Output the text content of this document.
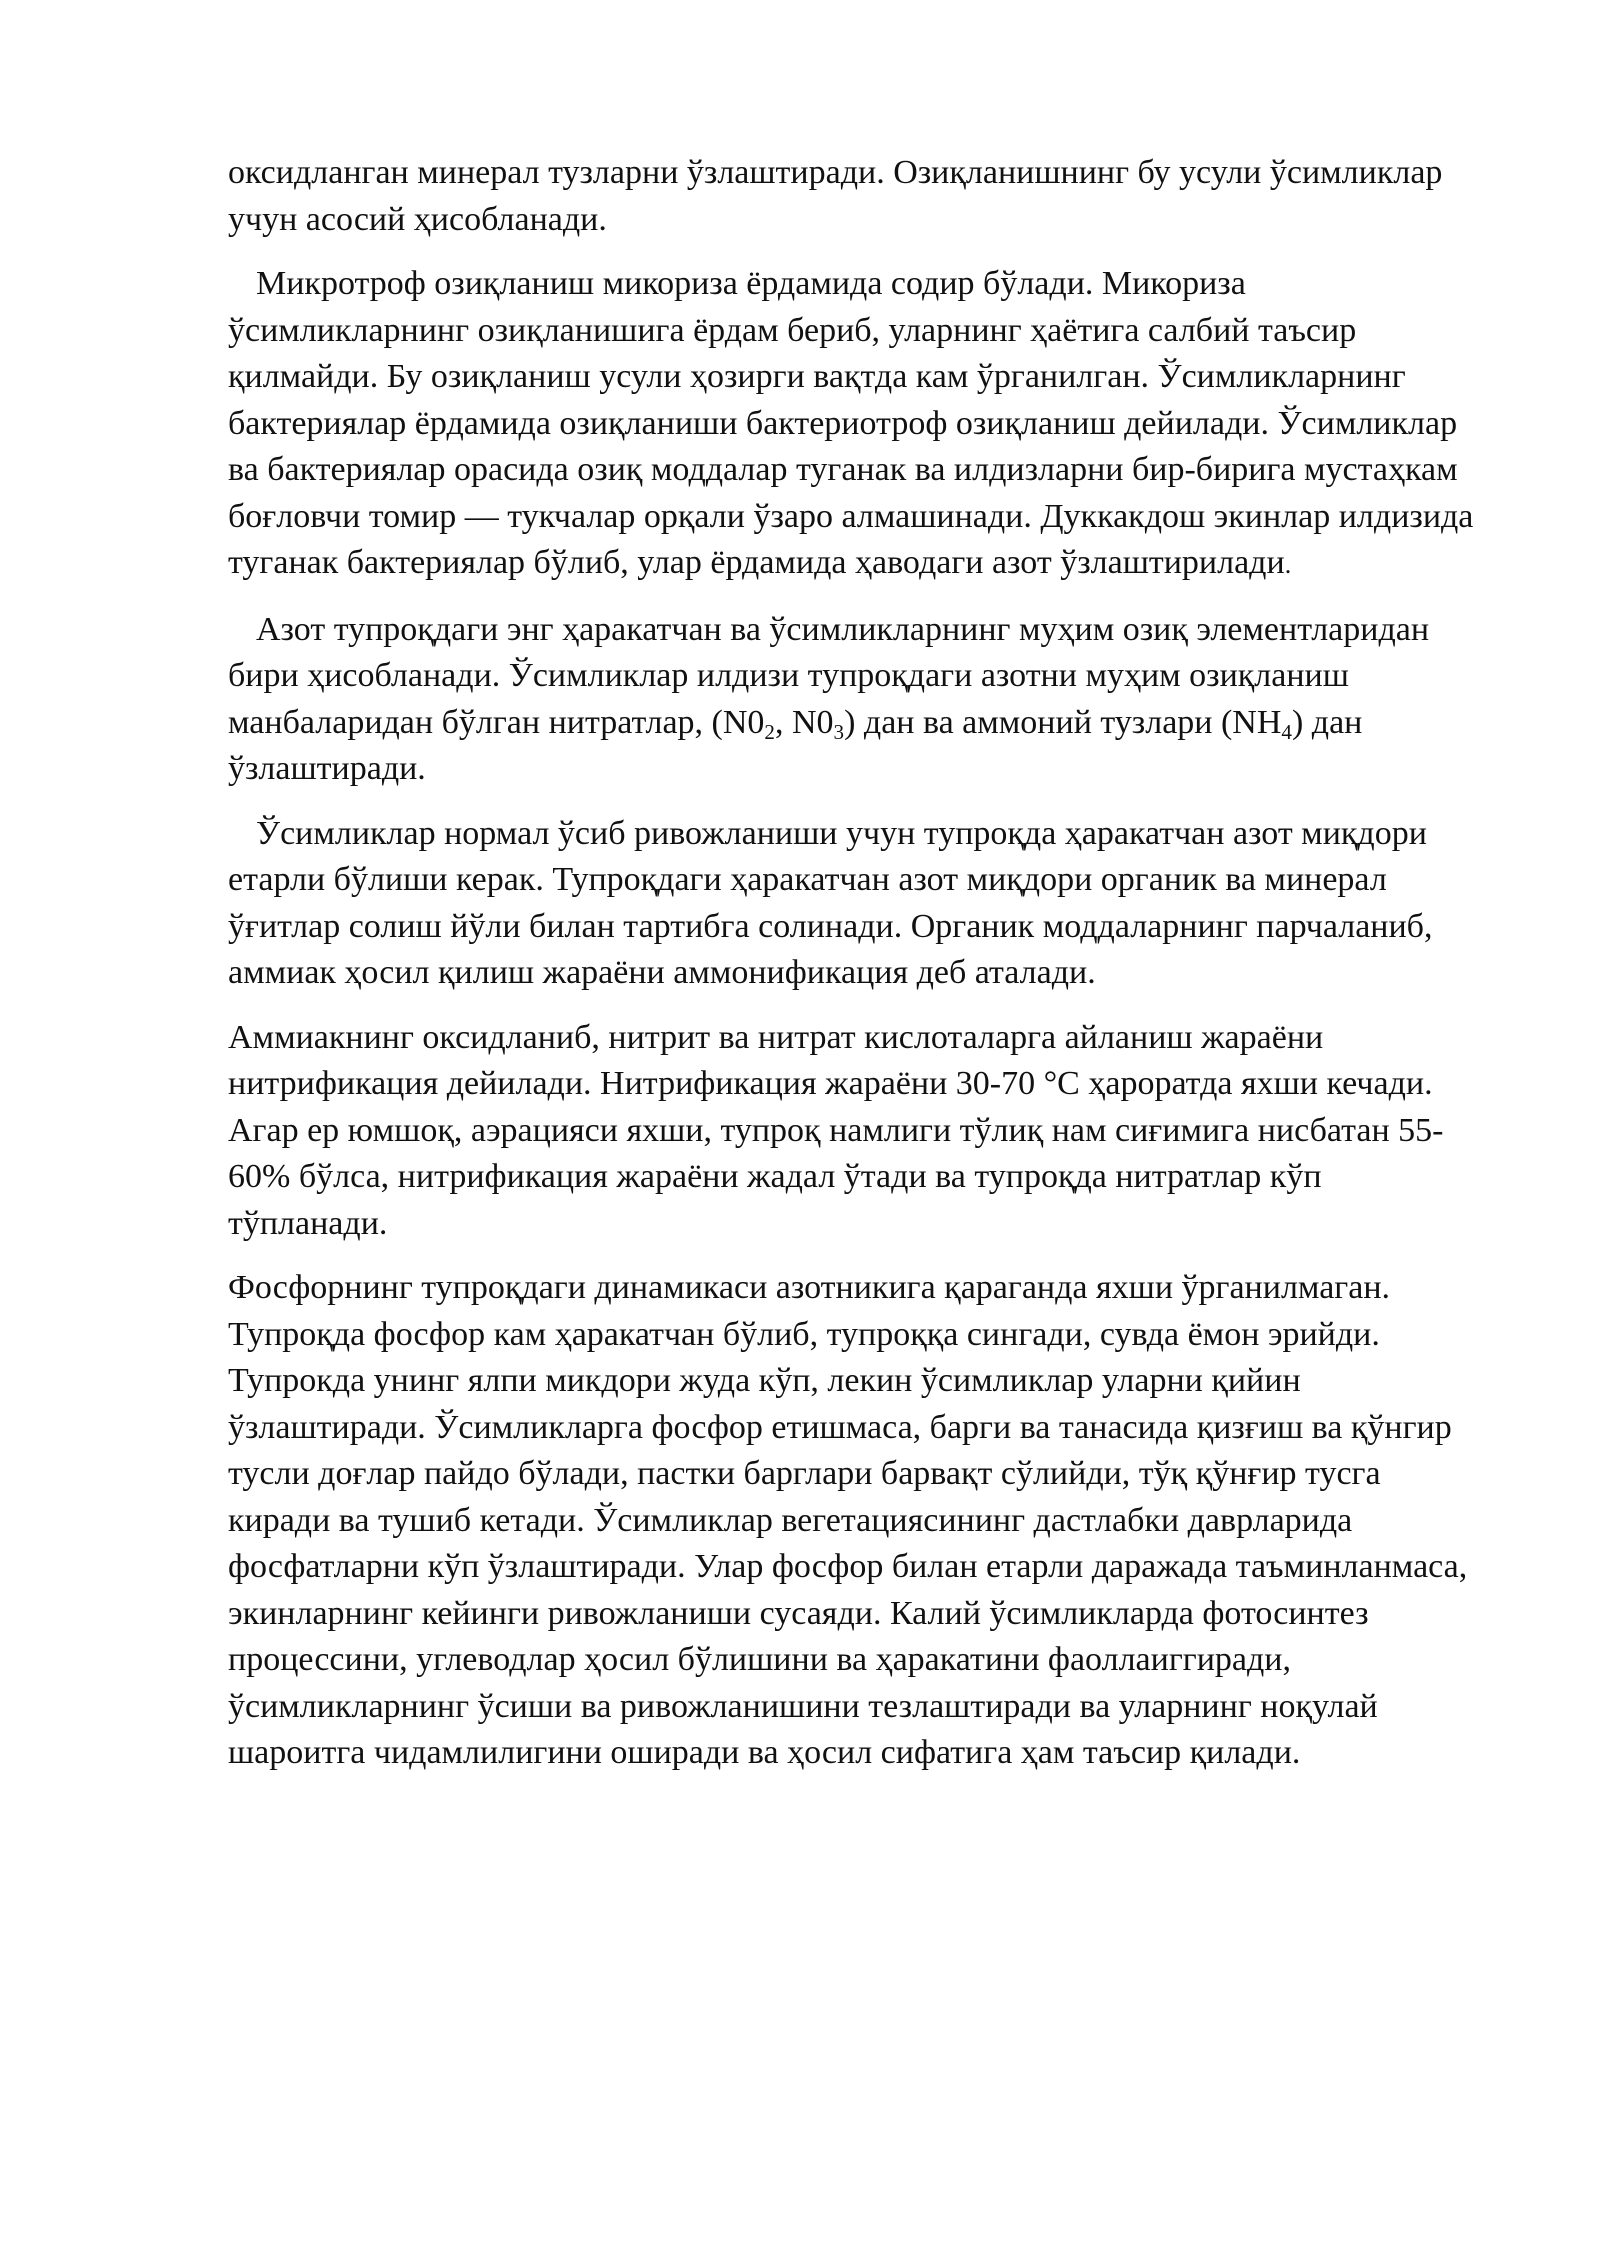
оксидланган минерал тузларни ўзлаштиради. Озиқланишнинг бу усули ўсимликлар учун асосий ҳисобланади.

Микротроф озиқланиш микориза ёрдамида содир бўлади. Микориза ўсимликларнинг озиқланишига ёрдам бериб, уларнинг ҳаётига салбий таъсир қилмайди. Бу озиқланиш усули ҳозирги вақтда кам ўрганилган. Ўсимликларнинг бактериялар ёрдамида озиқланиши бактериотроф озиқланиш дейилади. Ўсимликлар ва бактериялар орасида озиқ моддалар туганак ва илдизларни бир-бирига мустаҳкам боғловчи томир — тукчалар орқали ўзаро алмашинади. Дуккакдош экинлар илдизида туганак бактериялар бўлиб, улар ёрдамида ҳаводаги азот ўзлаштирилади.

Азот тупроқдаги энг ҳаракатчан ва ўсимликларнинг муҳим озиқ элементларидан бири ҳисобланади. Ўсимликлар илдизи тупроқдаги азотни муҳим озиқланиш манбаларидан бўлган нитратлар, ($N0_2$, $N0_3$) дан ва аммоний тузлари $(NH_4)$ дан ўзлаштиради.

Ўсимликлар нормал ўсиб ривожланиши учун тупроқда ҳаракатчан азот миқдори етарли бўлиши керак. Тупроқдаги ҳаракатчан азот миқдори органик ва минерал ўғитлар солиш йўли билан тартибга солинади. Органик моддаларнинг парчаланиб, аммиак ҳосил қилиш жараёни аммонификация деб аталади.

Аммиакнинг оксидланиб, нитрит ва нитрат кислоталарга айланиш жараёни нитрификация дейилади. Нитрификация жараёни 30-70 °С ҳароратда яхши кечади. Агар ер юмшоқ, аэрацияси яхши, тупроқ намлиги тўлиқ нам сиғимига нисбатан 55-60% бўлса, нитрификация жараёни жадал ўтади ва тупроқда нитратлар кўп тўпланади.

Фосфорнинг тупроқдаги динамикаси азотникига қараганда яхши ўрганилмаган. Тупроқда фосфор кам ҳаракатчан бўлиб, тупроққа сингади, сувда ёмон эрийди. Тупрокда унинг ялпи микдори жуда кўп, лекин ўсимликлар уларни қийин ўзлаштиради. Ўсимликларга фосфор етишмаса, барги ва танасида қизғиш ва қўнгир тусли доғлар пайдо бўлади, пастки барглари барвақт сўлийди, тўқ қўнғир тусга киради ва тушиб кетади. Ўсимликлар вегетациясининг дастлабки даврларида фосфатларни кўп ўзлаштиради. Улар фосфор билан етарли даражада таъминланмаса, экинларнинг кейинги ривожланиши сусаяди. Калий ўсимликларда фотосинтез процессини, углеводлар ҳосил бўлишини ва ҳаракатини фаоллаиггиради, ўсимликларнинг ўсиши ва ривожланишини тезлаштиради ва уларнинг ноқулай шароитга чидамлилигини оширади ва ҳосил сифатига ҳам таъсир қилади.
